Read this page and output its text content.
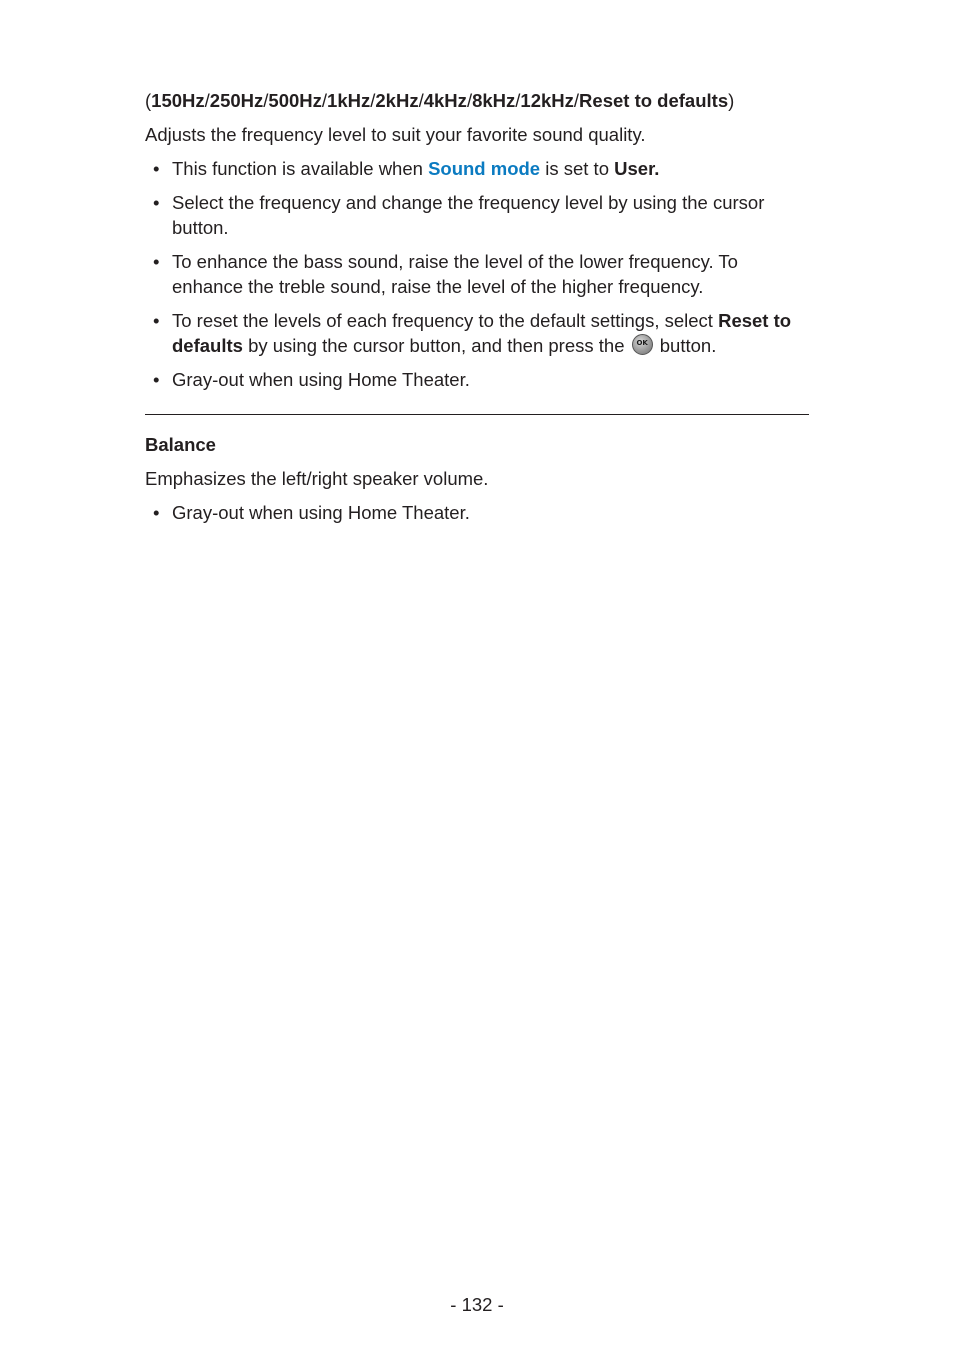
(150Hz/250Hz/500Hz/1kHz/2kHz/4kHz/8kHz/12kHz/Reset to defaults)

Adjusts the frequency level to suit your favorite sound quality.

• This function is available when Sound mode is set to User.
• Select the frequency and change the frequency level by using the cursor button.
• To enhance the bass sound, raise the level of the lower frequency. To enhance the treble sound, raise the level of the higher frequency.
• To reset the levels of each frequency to the default settings, select Reset to defaults by using the cursor button, and then press the OK button.
• Gray-out when using Home Theater.

Balance

Emphasizes the left/right speaker volume.

• Gray-out when using Home Theater.
- 132 -
